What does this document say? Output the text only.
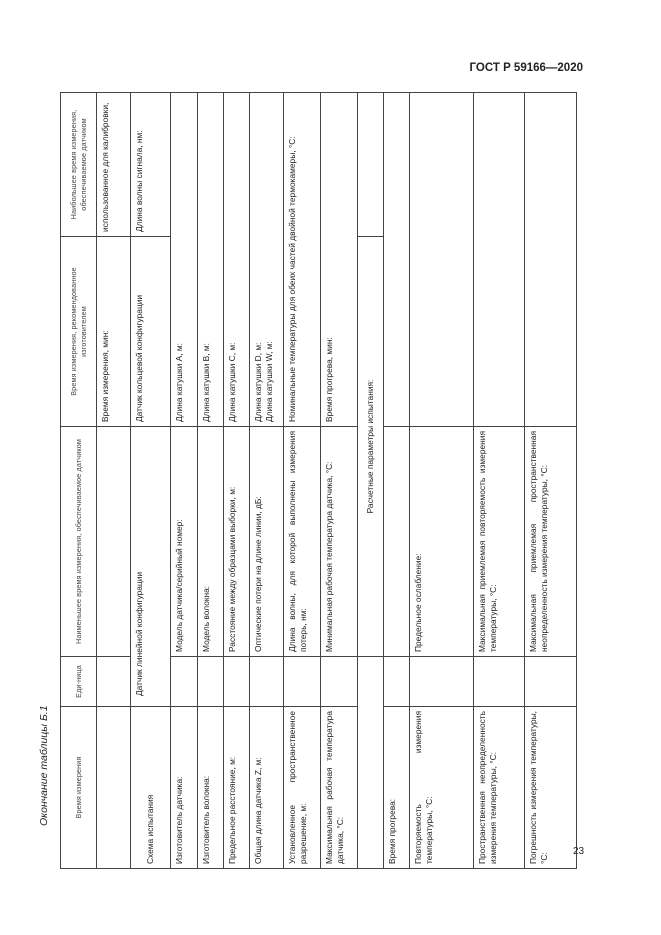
ГОСТ Р 59166—2020
Окончание таблицы Б.1	Время измерения	Еди-ница	Наименьшее время измерения, обеспечиваемое датчиком	Время измерения, рекомендованное изготовителем	Наибольшее время измерения, обеспечиваемое датчиком
			Время измерения, мин:	использованное для калибровки,
Схема испытания	Датчик линейной конфигурации		Датчик кольцевой конфигурации	Длина волны сигнала, нм:
Изготовитель датчика:		Модель датчика/серийный номер:	Длина катушки A, м:	
Изготовитель волокна:		Модель волокна:	Длина катушки B, м:	
Предельное расстояние, м:		Расстояние между образцами выборки, м:	Длина катушки C, м:	
Общая длина датчика Z, м:		Оптические потери на длине линии, дБ:	Длина катушки D, м:
Длина катушки W, м:	
Установленное пространственное разрешение, м:		Длина волны, для которой выполнены измерения потерь, нм:	Номинальные температуры для обеих частей двойной термокамеры, °C:	
Максимальная рабочая температура датчика, °C:		Минимальная рабочая температура датчика, °C:	Время прогрева, мин:	
		Расчетные параметры испытания:		
Время прогрева:				
Повторяемость измерения температуры, °C:		Предельное ослабление:		
Пространственная неопределенность измерения температуры, °C:		Максимальная приемлемая повторяемость измерения температуры, °C:		
Погрешность измерения температуры, °C:		Максимальная приемлемая пространственная неопределенность измерения температуры, °C:		
23
